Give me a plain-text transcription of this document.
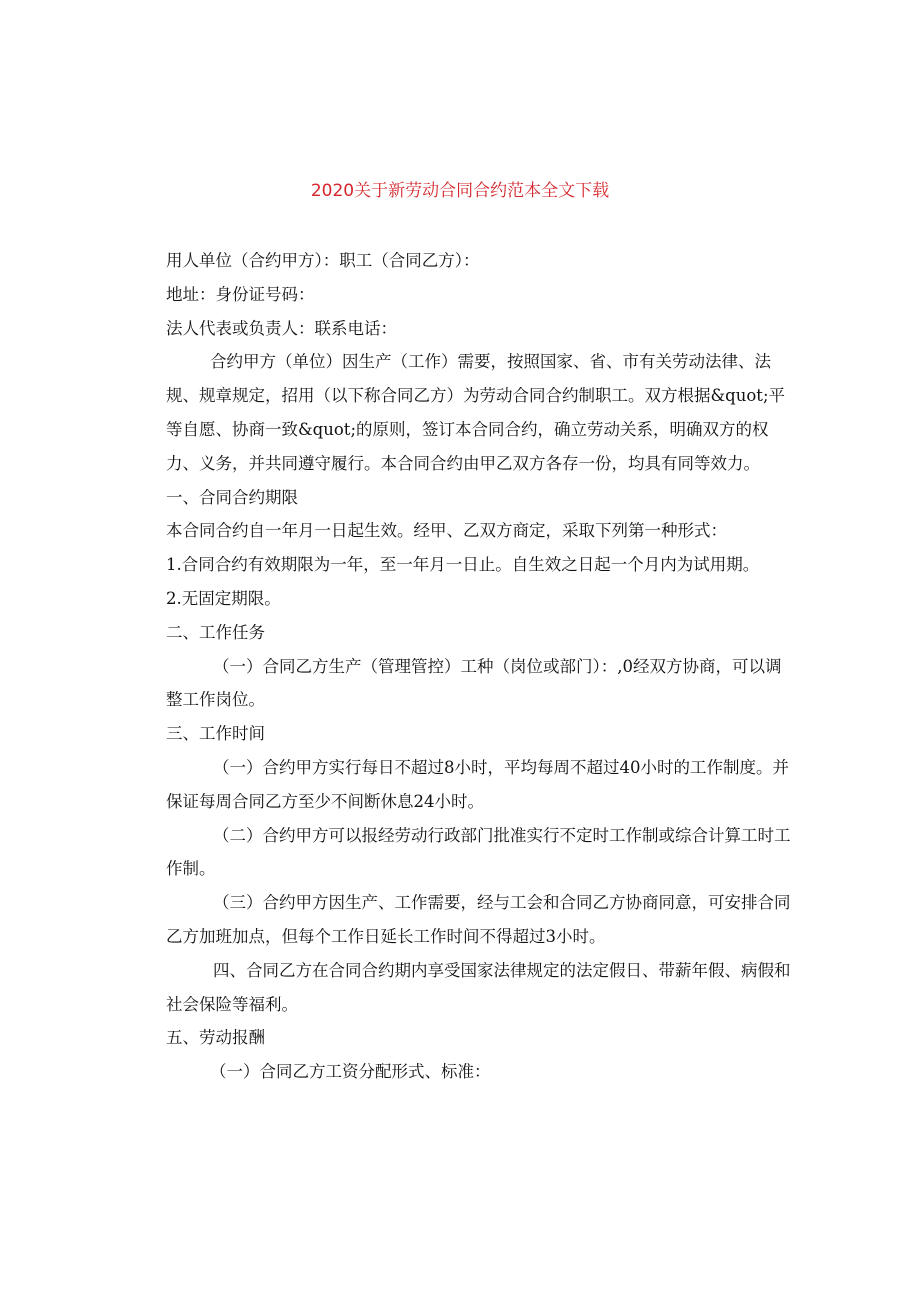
2020关于新劳动合同合约范本全文下载

用人单位（合约甲方）：职工（合同乙方）：

地址：身份证号码：

法人代表或负责人：联系电话：

合约甲方（单位）因生产（工作）需要，按照国家、省、市有关劳动法律、法规、规章规定，招用（以下称合同乙方）为劳动合同合约制职工。双方根据&quot;平等自愿、协商一致&quot;的原则，签订本合同合约，确立劳动关系，明确双方的权力、义务，并共同遵守履行。本合同合约由甲乙双方各存一份，均具有同等效力。

一、合同合约期限

本合同合约自一年月一日起生效。经甲、乙双方商定，采取下列第一种形式：

1.合同合约有效期限为一年，至一年月一日止。自生效之日起一个月内为试用期。

2.无固定期限。

二、工作任务

（一）合同乙方生产（管理管控）工种（岗位或部门）：,0经双方协商，可以调整工作岗位。

三、工作时间

（一）合约甲方实行每日不超过8小时，平均每周不超过40小时的工作制度。并保证每周合同乙方至少不间断休息24小时。

（二）合约甲方可以报经劳动行政部门批准实行不定时工作制或综合计算工时工作制。

（三）合约甲方因生产、工作需要，经与工会和合同乙方协商同意，可安排合同乙方加班加点，但每个工作日延长工作时间不得超过3小时。

四、合同乙方在合同合约期内享受国家法律规定的法定假日、带薪年假、病假和社会保险等福利。

五、劳动报酬

（一）合同乙方工资分配形式、标准：
